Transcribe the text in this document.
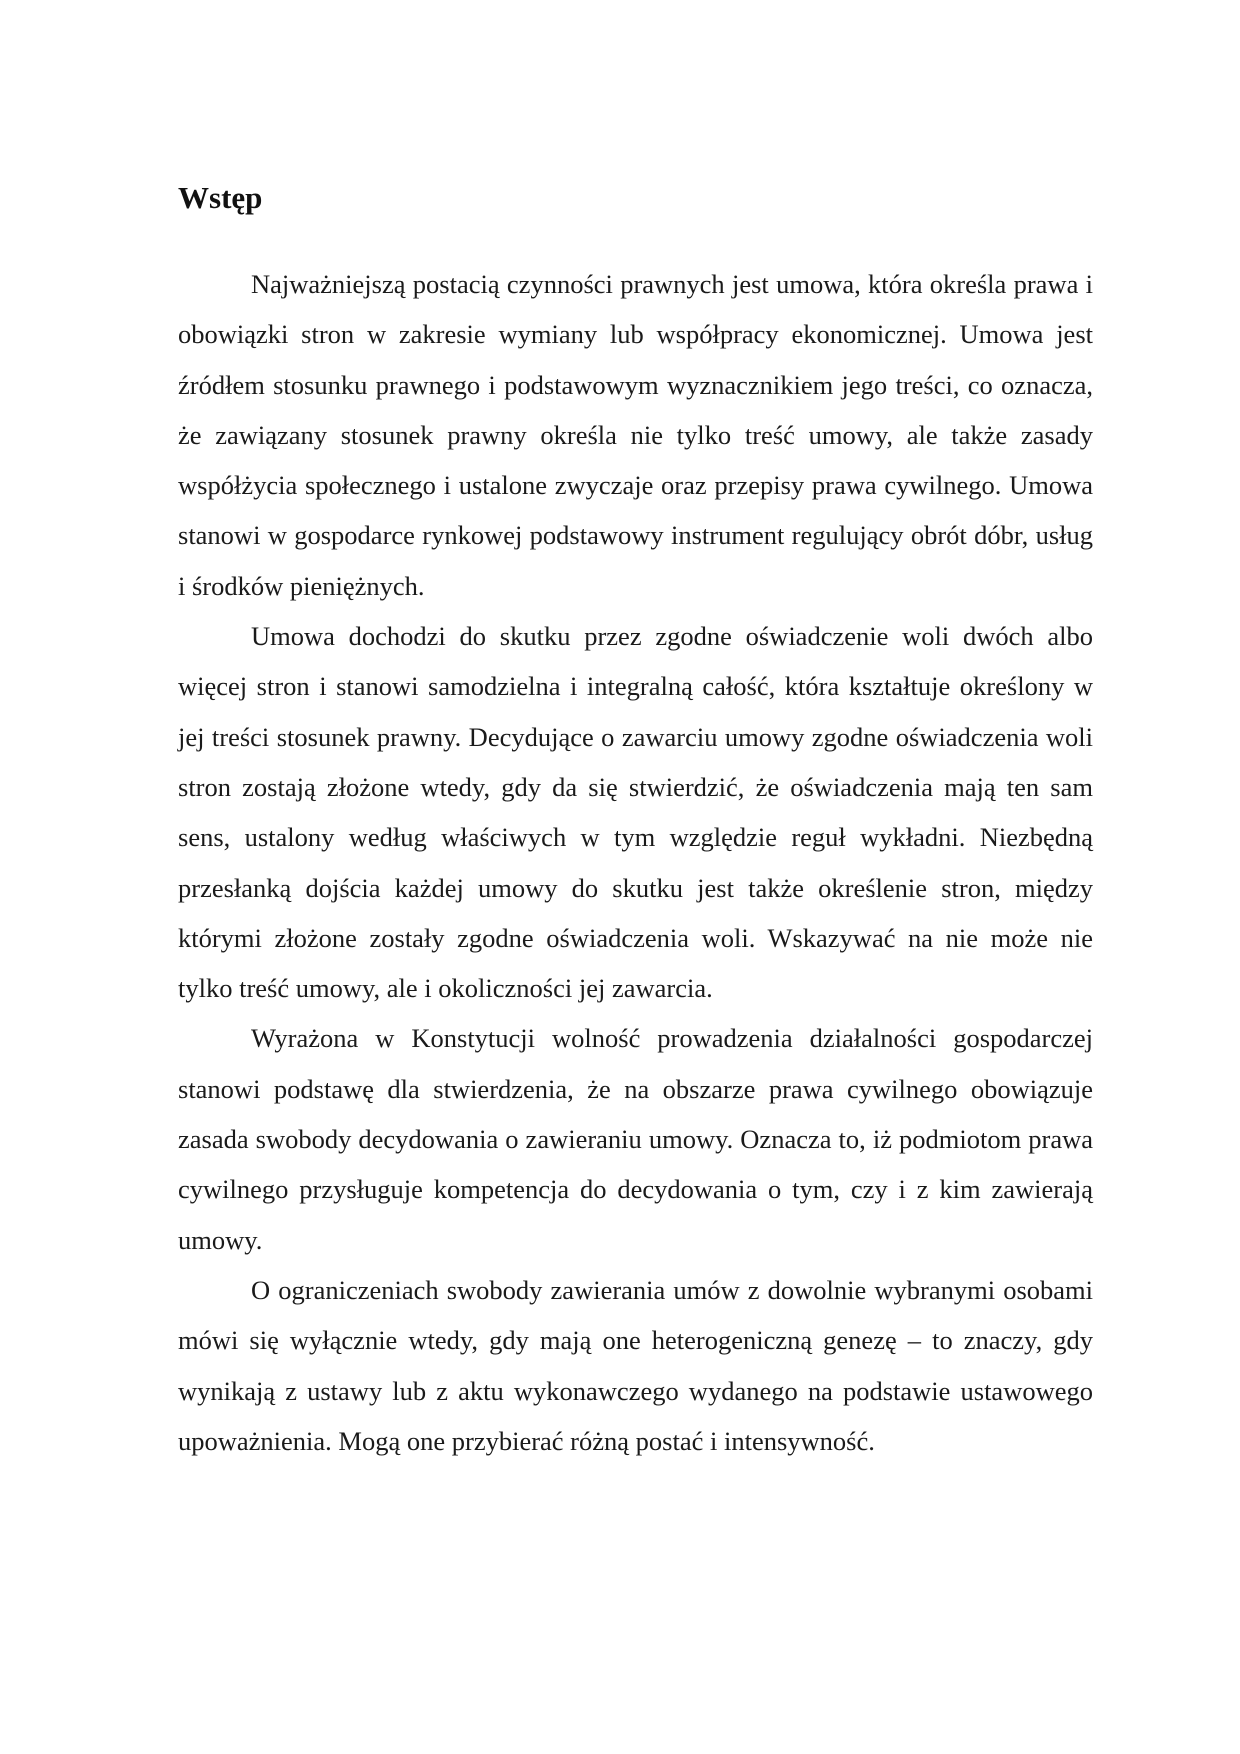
Wstęp

Najważniejszą postacią czynności prawnych jest umowa, która określa prawa i obowiązki stron w zakresie wymiany lub współpracy ekonomicznej. Umowa jest źródłem stosunku prawnego i podstawowym wyznacznikiem jego treści, co oznacza, że zawiązany stosunek prawny określa nie tylko treść umowy, ale także zasady współżycia społecznego i ustalone zwyczaje oraz przepisy prawa cywilnego. Umowa stanowi w gospodarce rynkowej podstawowy instrument regulujący obrót dóbr, usług i środków pieniężnych.

Umowa dochodzi do skutku przez zgodne oświadczenie woli dwóch albo więcej stron i stanowi samodzielna i integralną całość, która kształtuje określony w jej treści stosunek prawny. Decydujące o zawarciu umowy zgodne oświadczenia woli stron zostają złożone wtedy, gdy da się stwierdzić, że oświadczenia mają ten sam sens, ustalony według właściwych w tym względzie reguł wykładni. Niezbędną przesłanką dojścia każdej umowy do skutku jest także określenie stron, między którymi złożone zostały zgodne oświadczenia woli. Wskazywać na nie może nie tylko treść umowy, ale i okoliczności jej zawarcia.

Wyrażona w Konstytucji wolność prowadzenia działalności gospodarczej stanowi podstawę dla stwierdzenia, że na obszarze prawa cywilnego obowiązuje zasada swobody decydowania o zawieraniu umowy. Oznacza to, iż podmiotom prawa cywilnego przysługuje kompetencja do decydowania o tym, czy i z kim zawierają umowy.

O ograniczeniach swobody zawierania umów z dowolnie wybranymi osobami mówi się wyłącznie wtedy, gdy mają one heterogeniczną genezę – to znaczy, gdy wynikają z ustawy lub z aktu wykonawczego wydanego na podstawie ustawowego upoważnienia. Mogą one przybierać różną postać i intensywność.
